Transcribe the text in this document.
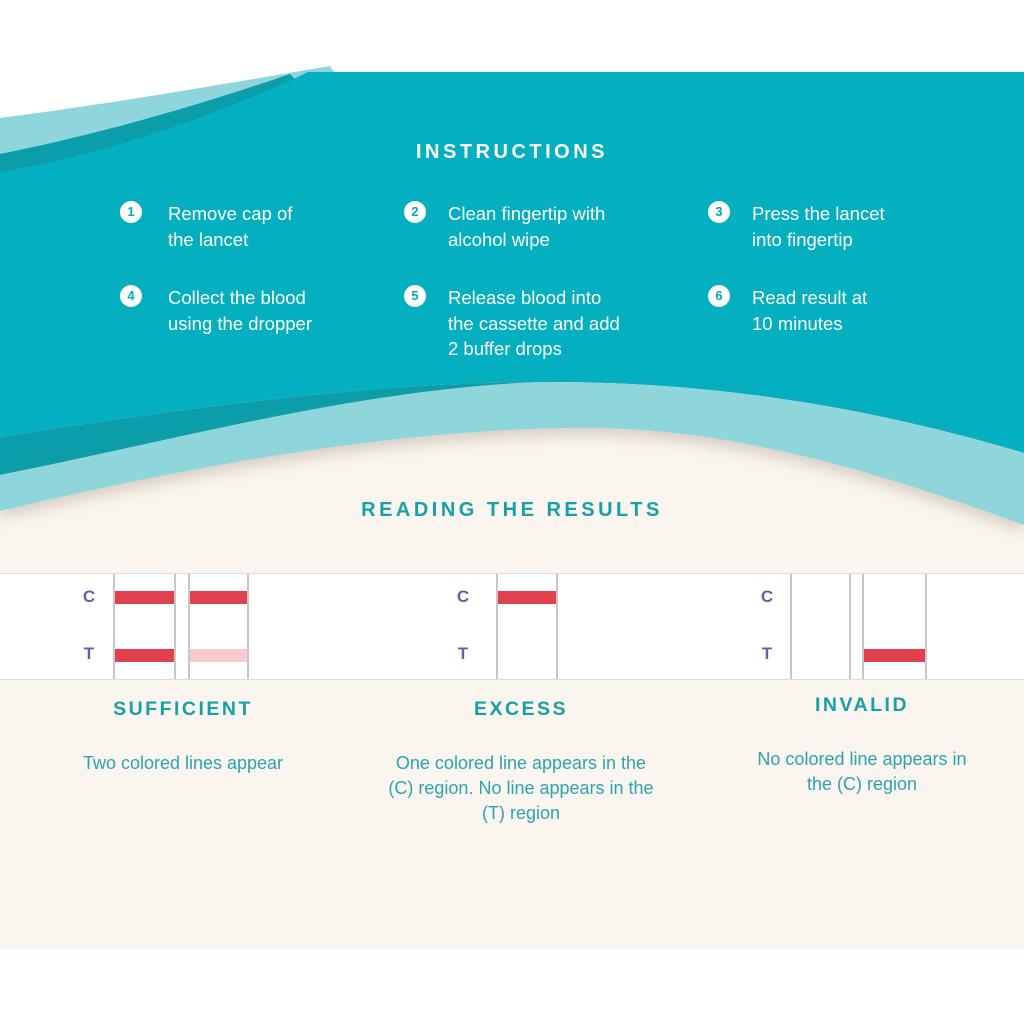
INSTRUCTIONS
1	Remove cap of
the lancet
2	Clean fingertip with
alcohol wipe
3	Press the lancet
into fingertip
4	Collect the blood
using the dropper
5	Release blood into
the cassette and add
2 buffer drops
6	Read result at
10 minutes
READING THE RESULTS
C
T
C
T
C
T
SUFFICIENT
Two colored lines appear
EXCESS
One colored line appears in the
(C) region. No line appears in the
(T) region
INVALID
No colored line appears in
the (C) region
